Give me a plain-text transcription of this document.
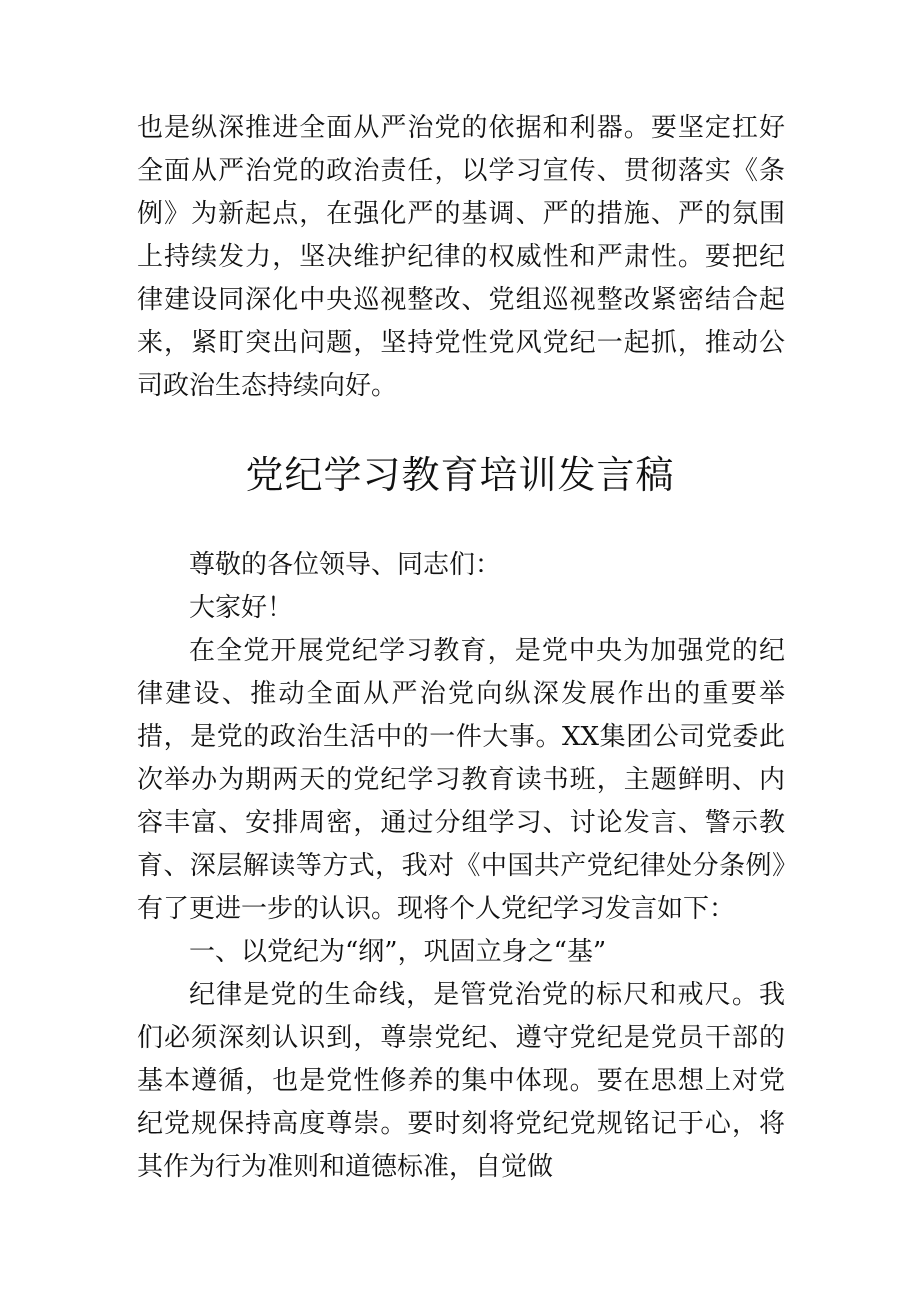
也是纵深推进全面从严治党的依据和利器。要坚定扛好全面从严治党的政治责任，以学习宣传、贯彻落实《条例》为新起点，在强化严的基调、严的措施、严的氛围上持续发力，坚决维护纪律的权威性和严肃性。要把纪律建设同深化中央巡视整改、党组巡视整改紧密结合起来，紧盯突出问题，坚持党性党风党纪一起抓，推动公司政治生态持续向好。

党纪学习教育培训发言稿

尊敬的各位领导、同志们：

大家好！

在全党开展党纪学习教育，是党中央为加强党的纪律建设、推动全面从严治党向纵深发展作出的重要举措，是党的政治生活中的一件大事。XX集团公司党委此次举办为期两天的党纪学习教育读书班，主题鲜明、内容丰富、安排周密，通过分组学习、讨论发言、警示教育、深层解读等方式，我对《中国共产党纪律处分条例》有了更进一步的认识。现将个人党纪学习发言如下：

一、以党纪为“纲”，巩固立身之“基”

纪律是党的生命线，是管党治党的标尺和戒尺。我们必须深刻认识到，尊崇党纪、遵守党纪是党员干部的基本遵循，也是党性修养的集中体现。要在思想上对党纪党规保持高度尊崇。要时刻将党纪党规铭记于心，将其作为行为准则和道德标准，自觉做
